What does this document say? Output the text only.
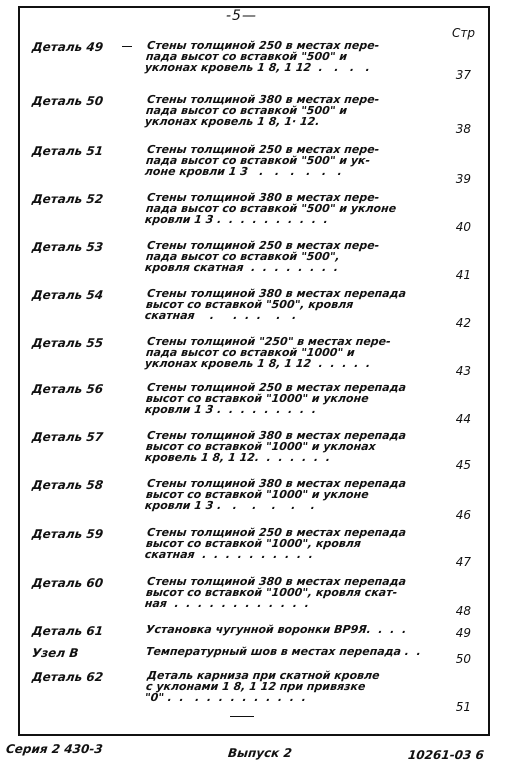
-5—
Стр
Деталь 49	Стены толщиной 250 в местах пере-
пада высот со вставкой "500" и
уклонах кровель 1 8, 1 12  .   .   .   .
37
Деталь 50	Стены толщиной 380 в местах пере-
пада высот со вставкой "500" и
уклонах кровель 1 8, 1· 12.
38
Деталь 51	Стены толщиной 250 в местах пере-
пада высот со вставкой "500" и ук-
лоне кровли 1 3   .   .   .   .   .   .
39
Деталь 52	Стены толщиной 380 в местах пере-
пада высот со вставкой "500" и уклоне
кровли 1 3 .  .  .  .  .  .  .  .  .  .
40
Деталь 53	Стены толщиной 250 в местах пере-
пада высот со вставкой "500",
кровля скатная  .  .  .  .  .  .  .  .
41
Деталь 54	Стены толщиной 380 в местах перепада
высот со вставкой "500", кровля
скатная    .     .  .  .    .   .
42
Деталь 55	Стены толщиной "250" в местах пере-
пада высот со вставкой "1000" и
уклонах кровель 1 8, 1 12  .  .  .  .  .
43
Деталь 56	Стены толщиной 250 в местах перепада
высот со вставкой "1000" и уклоне
кровли 1 3 .  .  .  .  .  .  .  .  .
44
Деталь 57	Стены толщиной 380 в местах перепада
высот со вставкой "1000" и уклонах
кровель 1 8, 1 12.  .  .  .  .  .  .
45
Деталь 58	Стены толщиной 380 в местах перепада
высот со вставкой "1000" и уклоне
кровли 1 3 .   .    .    .    .    .
46
Деталь 59	Стены толщиной 250 в местах перепада
высот со вставкой "1000", кровля
скатная  .  .  .  .  .  .  .  .  .  .
47
Деталь 60	Стены толщиной 380 в местах перепада
высот со вставкой "1000", кровля скат-
ная  .  .  .  .  .  .  .  .  .  .  .  .
48
Деталь 61	Установка чугунной воронки ВР9Я.  .  .  .	49
Узел В	Температурный шов в местах перепада .  .
50
Деталь 62	Деталь карниза при скатной кровле
с уклонами 1 8, 1 12 при привязке
"0" .  .   .  .  .  .  .  .  .  .  .  .
51
Серия 2 430-3	Выпуск 2	10261-03 6
